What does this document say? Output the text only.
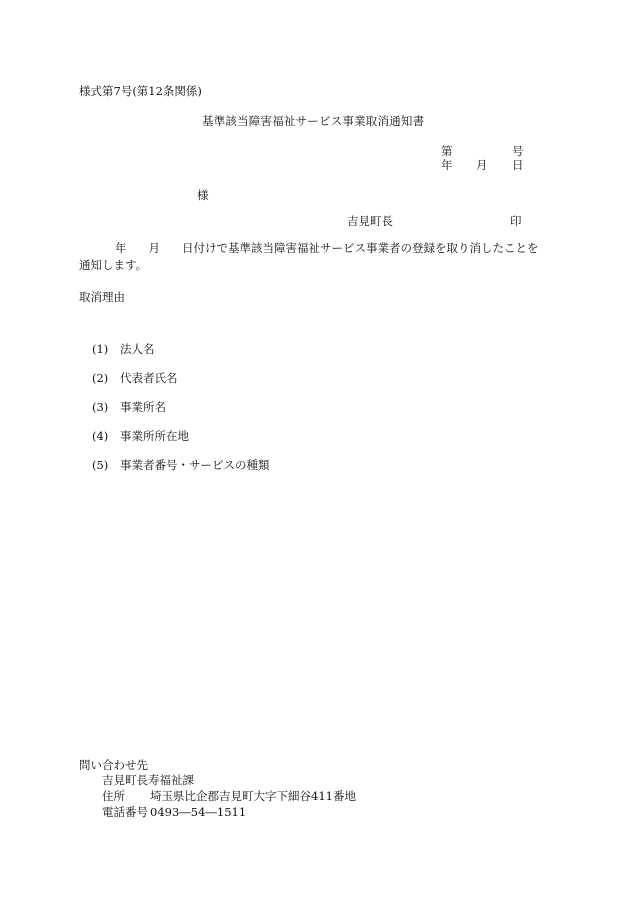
様式第7号(第12条関係)
基準該当障害福祉サービス事業取消通知書
第	号
年 月 日
様
吉見町長	印
年 月 日付けで基準該当障害福祉サービス事業者の登録を取り消したことを
通知します。
取消理由
(1) 法人名
(2) 代表者氏名
(3) 事業所名
(4) 事業所所在地
(5) 事業者番号・サービスの種類
問い合わせ先
吉見町長寿福祉課
住所 埼玉県比企郡吉見町大字下細谷411番地
電話番号 0493―54―1511
